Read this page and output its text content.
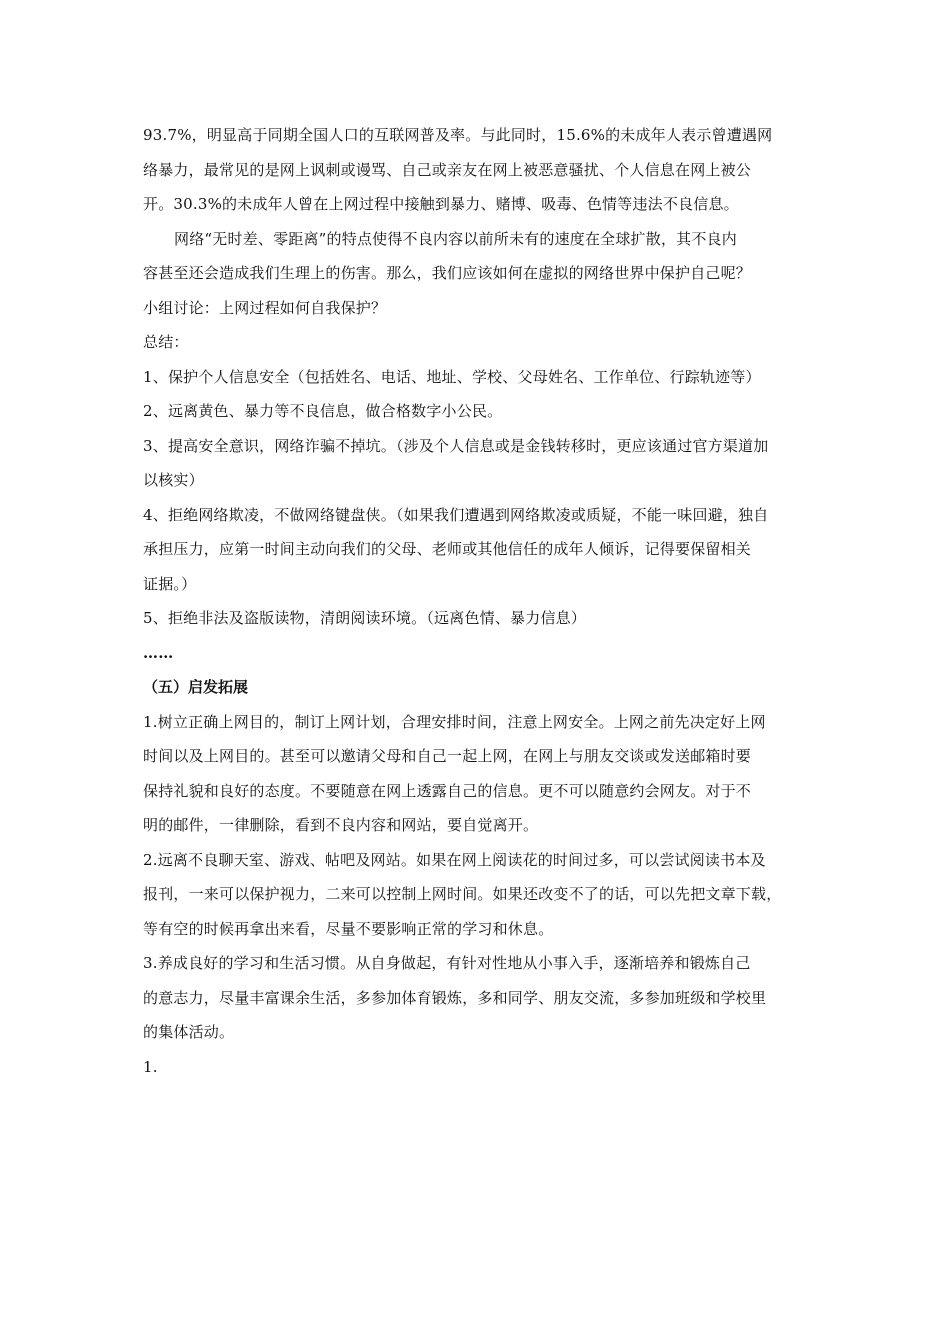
93.7%，明显高于同期全国人口的互联网普及率。与此同时，15.6%的未成年人表示曾遭遇网
络暴力，最常见的是网上讽刺或谩骂、自己或亲友在网上被恶意骚扰、个人信息在网上被公
开。30.3%的未成年人曾在上网过程中接触到暴力、赌博、吸毒、色情等违法不良信息。
网络“无时差、零距离”的特点使得不良内容以前所未有的速度在全球扩散，其不良内
容甚至还会造成我们生理上的伤害。那么，我们应该如何在虚拟的网络世界中保护自己呢？
小组讨论：上网过程如何自我保护？
总结：
1、保护个人信息安全（包括姓名、电话、地址、学校、父母姓名、工作单位、行踪轨迹等）
2、远离黄色、暴力等不良信息，做合格数字小公民。
3、提高安全意识，网络诈骗不掉坑。（涉及个人信息或是金钱转移时，更应该通过官方渠道加
以核实）
4、拒绝网络欺凌，不做网络键盘侠。（如果我们遭遇到网络欺凌或质疑，不能一味回避，独自
承担压力，应第一时间主动向我们的父母、老师或其他信任的成年人倾诉，记得要保留相关
证据。）
5、拒绝非法及盗版读物，清朗阅读环境。（远离色情、暴力信息）
……
（五）启发拓展
1.树立正确上网目的，制订上网计划，合理安排时间，注意上网安全。上网之前先决定好上网
时间以及上网目的。甚至可以邀请父母和自己一起上网，在网上与朋友交谈或发送邮箱时要
保持礼貌和良好的态度。不要随意在网上透露自己的信息。更不可以随意约会网友。对于不
明的邮件，一律删除，看到不良内容和网站，要自觉离开。
2.远离不良聊天室、游戏、帖吧及网站。如果在网上阅读花的时间过多，可以尝试阅读书本及
报刊，一来可以保护视力，二来可以控制上网时间。如果还改变不了的话，可以先把文章下载，
等有空的时候再拿出来看，尽量不要影响正常的学习和休息。
3.养成良好的学习和生活习惯。从自身做起，有针对性地从小事入手，逐渐培养和锻炼自己
的意志力，尽量丰富课余生活，多参加体育锻炼，多和同学、朋友交流，多参加班级和学校里
的集体活动。
1.
